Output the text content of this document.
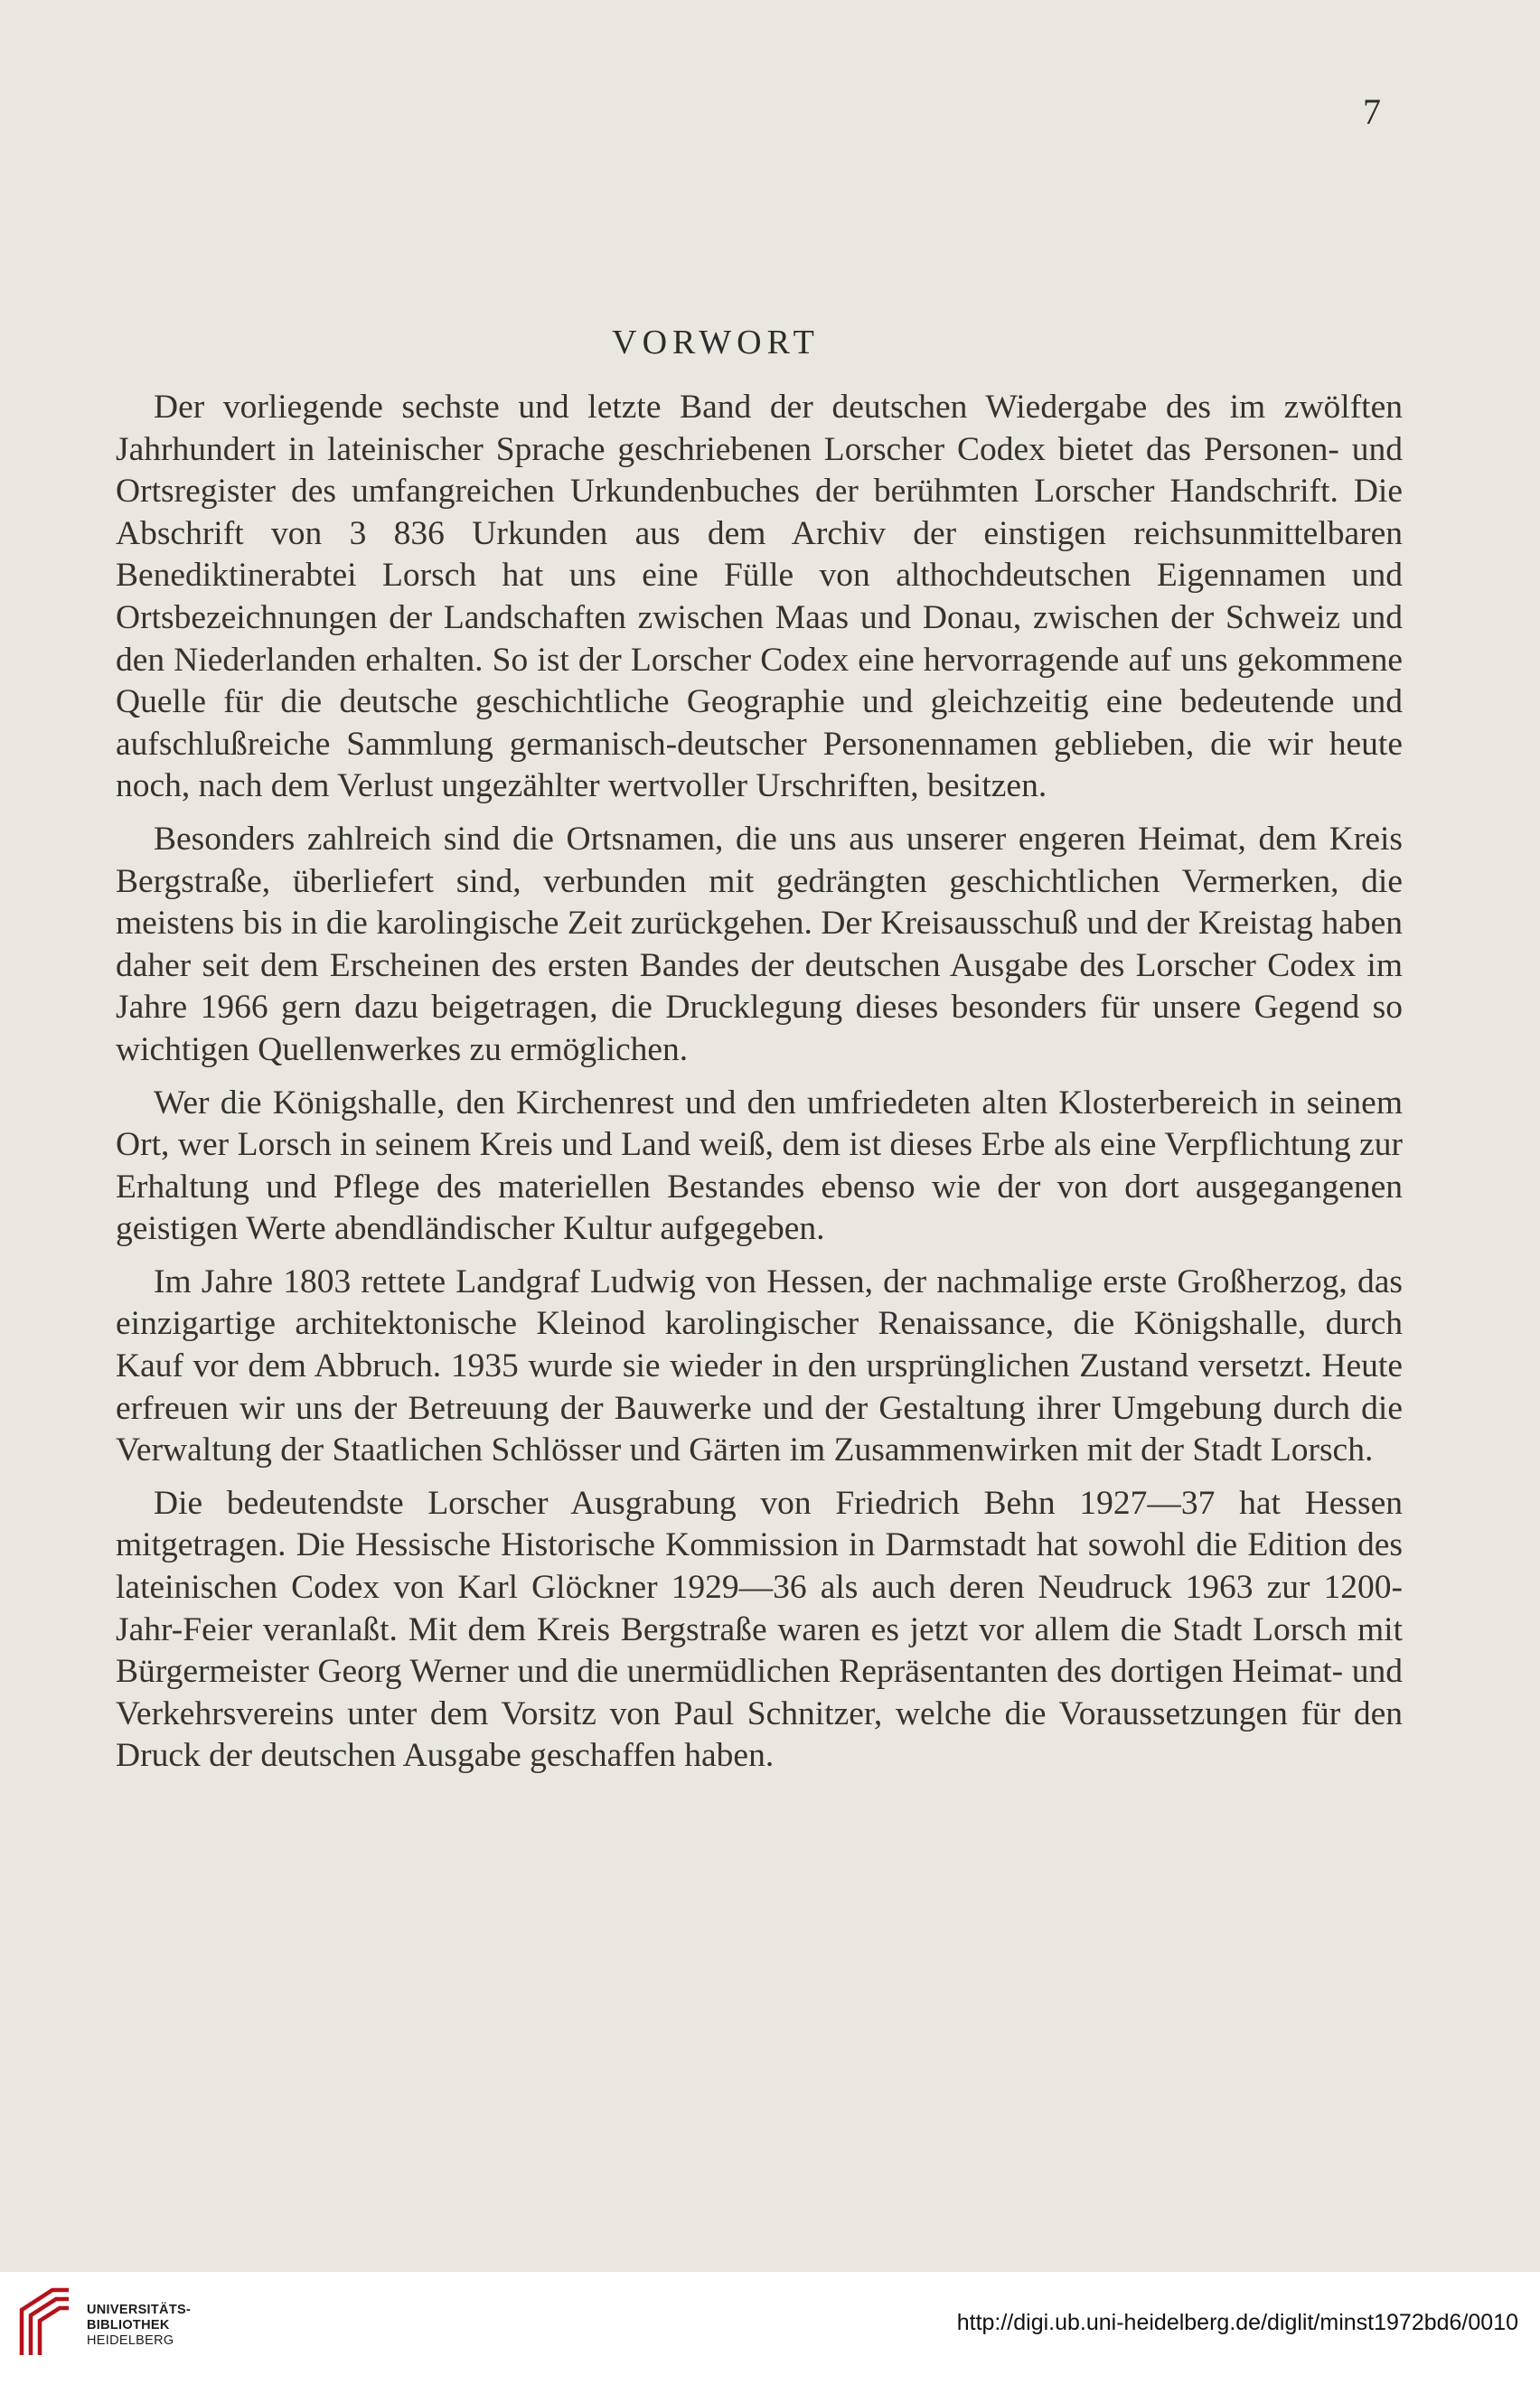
7
VORWORT

Der vorliegende sechste und letzte Band der deutschen Wiedergabe des im zwölften Jahrhundert in lateinischer Sprache geschriebenen Lorscher Codex bietet das Personen- und Ortsregister des umfangreichen Urkundenbuches der berühmten Lorscher Handschrift. Die Abschrift von 3 836 Urkunden aus dem Archiv der einstigen reichsunmittelbaren Benediktinerabtei Lorsch hat uns eine Fülle von althochdeutschen Eigennamen und Ortsbezeichnungen der Landschaften zwischen Maas und Donau, zwischen der Schweiz und den Niederlanden erhalten. So ist der Lorscher Codex eine hervorragende auf uns gekommene Quelle für die deutsche geschichtliche Geographie und gleichzeitig eine bedeutende und aufschlußreiche Sammlung germanisch-deutscher Personennamen geblieben, die wir heute noch, nach dem Verlust ungezählter wertvoller Urschriften, besitzen.

Besonders zahlreich sind die Ortsnamen, die uns aus unserer engeren Heimat, dem Kreis Bergstraße, überliefert sind, verbunden mit gedrängten geschichtlichen Vermerken, die meistens bis in die karolingische Zeit zurückgehen. Der Kreisausschuß und der Kreistag haben daher seit dem Erscheinen des ersten Bandes der deutschen Ausgabe des Lorscher Codex im Jahre 1966 gern dazu beigetragen, die Drucklegung dieses besonders für unsere Gegend so wichtigen Quellenwerkes zu ermöglichen.

Wer die Königshalle, den Kirchenrest und den umfriedeten alten Klosterbereich in seinem Ort, wer Lorsch in seinem Kreis und Land weiß, dem ist dieses Erbe als eine Verpflichtung zur Erhaltung und Pflege des materiellen Bestandes ebenso wie der von dort ausgegangenen geistigen Werte abendländischer Kultur aufgegeben.

Im Jahre 1803 rettete Landgraf Ludwig von Hessen, der nachmalige erste Großherzog, das einzigartige architektonische Kleinod karolingischer Renaissance, die Königshalle, durch Kauf vor dem Abbruch. 1935 wurde sie wieder in den ursprünglichen Zustand versetzt. Heute erfreuen wir uns der Betreuung der Bauwerke und der Gestaltung ihrer Umgebung durch die Verwaltung der Staatlichen Schlösser und Gärten im Zusammenwirken mit der Stadt Lorsch.

Die bedeutendste Lorscher Ausgrabung von Friedrich Behn 1927—37 hat Hessen mitgetragen. Die Hessische Historische Kommission in Darmstadt hat sowohl die Edition des lateinischen Codex von Karl Glöckner 1929—36 als auch deren Neudruck 1963 zur 1200-Jahr-Feier veranlaßt. Mit dem Kreis Bergstraße waren es jetzt vor allem die Stadt Lorsch mit Bürgermeister Georg Werner und die unermüdlichen Repräsentanten des dortigen Heimat- und Verkehrsvereins unter dem Vorsitz von Paul Schnitzer, welche die Voraussetzungen für den Druck der deutschen Ausgabe geschaffen haben.

UNIVERSITÄTS-
BIBLIOTHEK
HEIDELBERG
http://digi.ub.uni-heidelberg.de/diglit/minst1972bd6/0010
